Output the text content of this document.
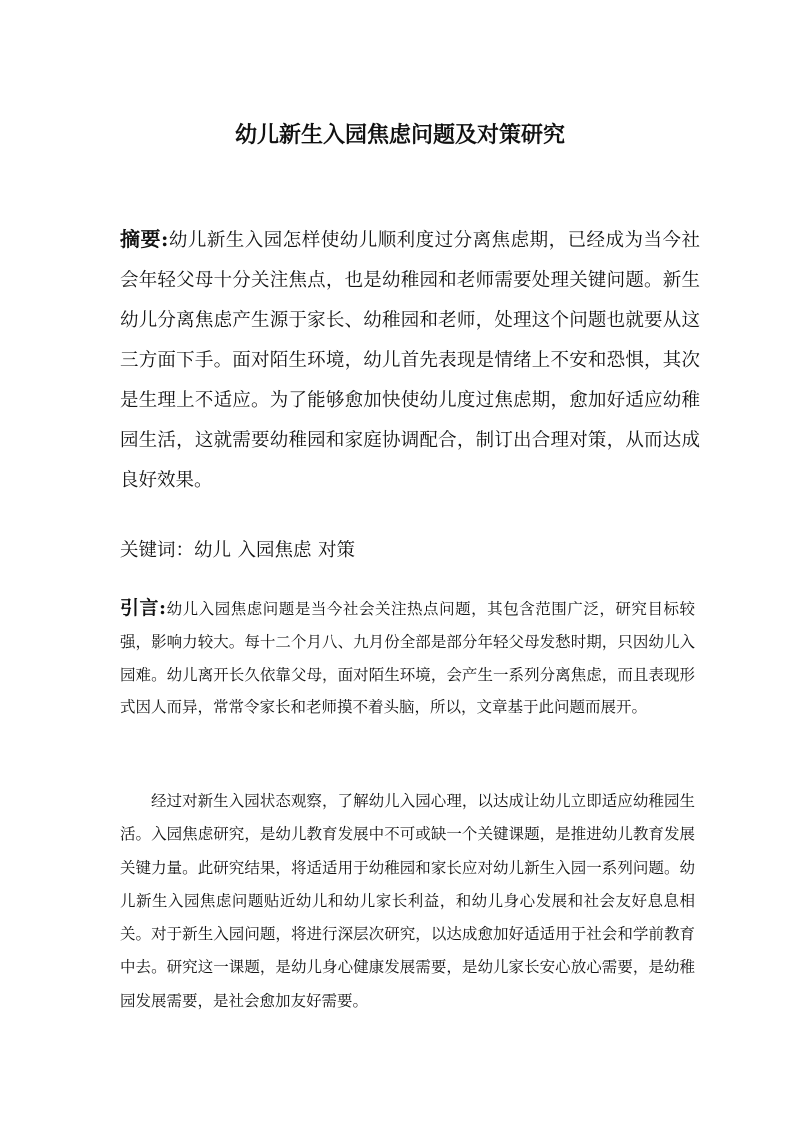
幼儿新生入园焦虑问题及对策研究
摘要:幼儿新生入园怎样使幼儿顺利度过分离焦虑期，已经成为当今社会年轻父母十分关注焦点，也是幼稚园和老师需要处理关键问题。新生幼儿分离焦虑产生源于家长、幼稚园和老师，处理这个问题也就要从这三方面下手。面对陌生环境，幼儿首先表现是情绪上不安和恐惧，其次是生理上不适应。为了能够愈加快使幼儿度过焦虑期，愈加好适应幼稚园生活，这就需要幼稚园和家庭协调配合，制订出合理对策，从而达成良好效果。
关键词：幼儿 入园焦虑 对策
引言:幼儿入园焦虑问题是当今社会关注热点问题，其包含范围广泛，研究目标较强，影响力较大。每十二个月八、九月份全部是部分年轻父母发愁时期，只因幼儿入园难。幼儿离开长久依靠父母，面对陌生环境，会产生一系列分离焦虑，而且表现形式因人而异，常常令家长和老师摸不着头脑，所以，文章基于此问题而展开。
经过对新生入园状态观察，了解幼儿入园心理，以达成让幼儿立即适应幼稚园生活。入园焦虑研究，是幼儿教育发展中不可或缺一个关键课题，是推进幼儿教育发展关键力量。此研究结果，将适适用于幼稚园和家长应对幼儿新生入园一系列问题。幼儿新生入园焦虑问题贴近幼儿和幼儿家长利益，和幼儿身心发展和社会友好息息相关。对于新生入园问题，将进行深层次研究，以达成愈加好适适用于社会和学前教育中去。研究这一课题，是幼儿身心健康发展需要，是幼儿家长安心放心需要，是幼稚园发展需要，是社会愈加友好需要。
